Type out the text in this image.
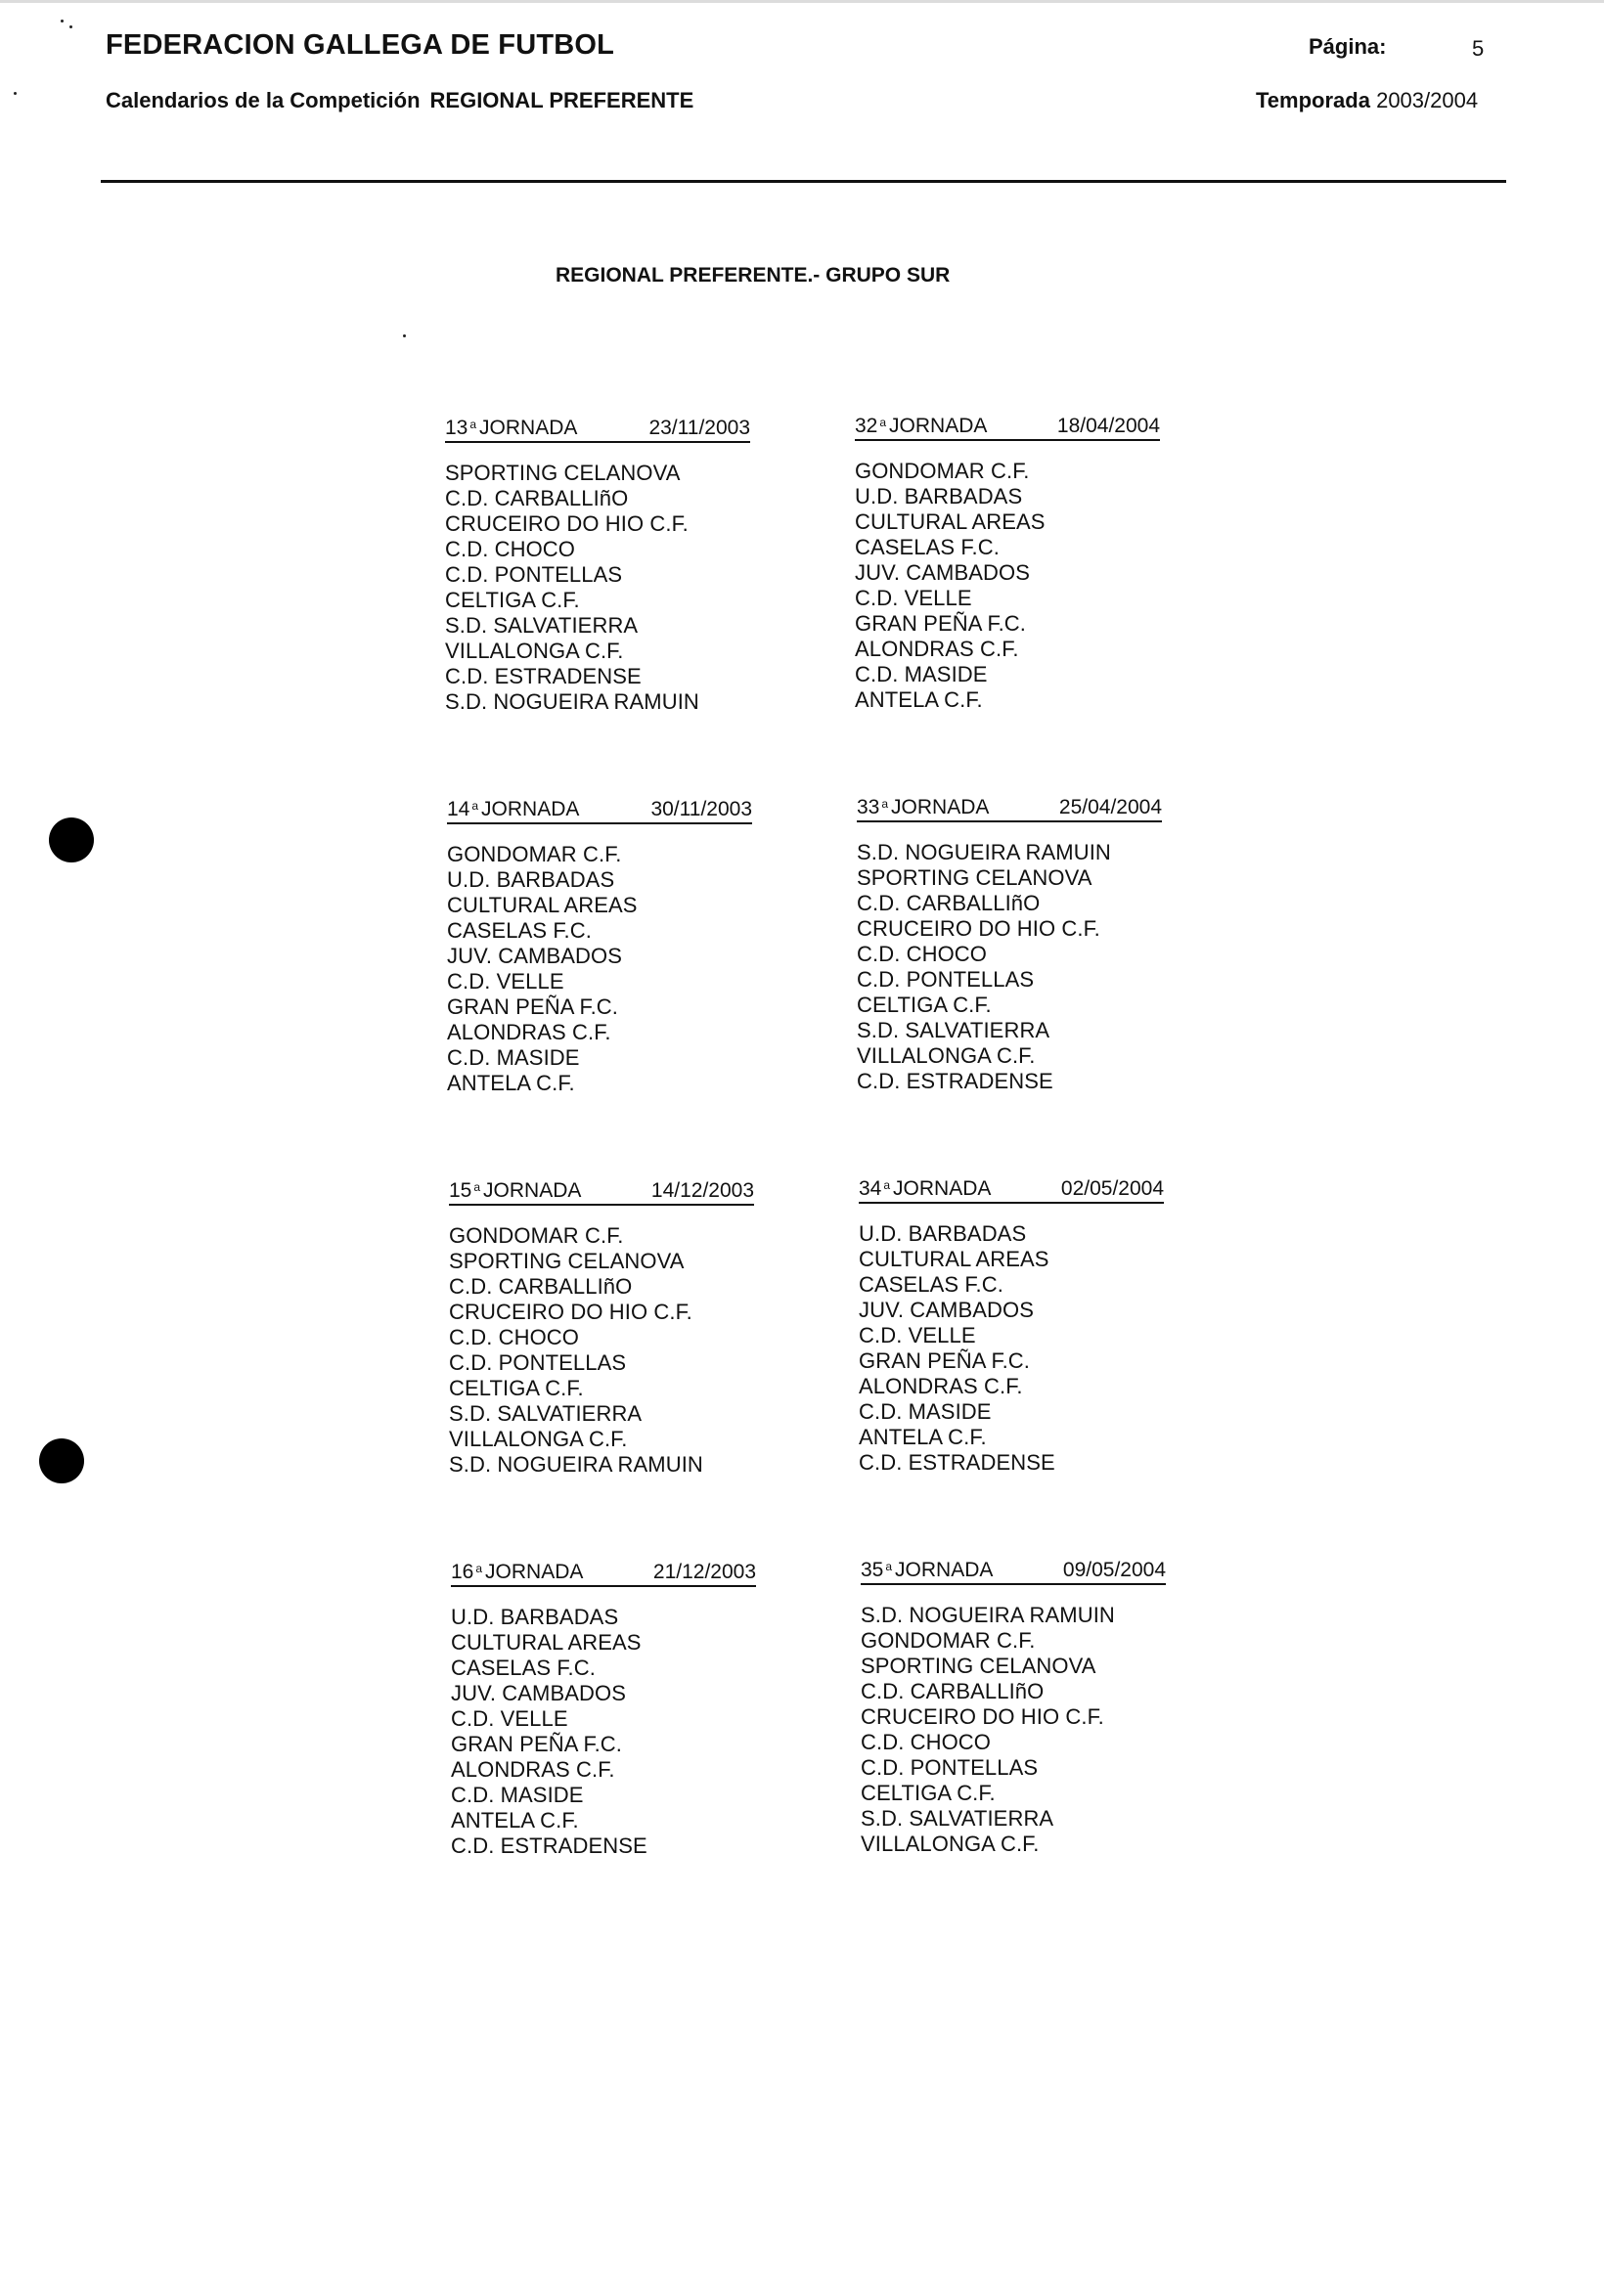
FEDERACION GALLEGA DE FUTBOL
Calendarios de la Competición REGIONAL PREFERENTE
Página:	5
Temporada 2003/2004
REGIONAL PREFERENTE.- GRUPO SUR
13 $^a$ JORNADA	23/11/2003
SPORTING CELANOVA
C.D. CARBALLIñO
CRUCEIRO DO HIO C.F.
C.D. CHOCO
C.D. PONTELLAS
CELTIGA C.F.
S.D. SALVATIERRA
VILLALONGA C.F.
C.D. ESTRADENSE
S.D. NOGUEIRA RAMUIN
32 $^a$ JORNADA	18/04/2004
GONDOMAR C.F.
U.D. BARBADAS
CULTURAL AREAS
CASELAS F.C.
JUV. CAMBADOS
C.D. VELLE
GRAN PEÑA F.C.
ALONDRAS C.F.
C.D. MASIDE
ANTELA C.F.
14 $^a$ JORNADA	30/11/2003
GONDOMAR C.F.
U.D. BARBADAS
CULTURAL AREAS
CASELAS F.C.
JUV. CAMBADOS
C.D. VELLE
GRAN PEÑA F.C.
ALONDRAS C.F.
C.D. MASIDE
ANTELA C.F.
33 $^a$ JORNADA	25/04/2004
S.D. NOGUEIRA RAMUIN
SPORTING CELANOVA
C.D. CARBALLIñO
CRUCEIRO DO HIO C.F.
C.D. CHOCO
C.D. PONTELLAS
CELTIGA C.F.
S.D. SALVATIERRA
VILLALONGA C.F.
C.D. ESTRADENSE
15 $^a$ JORNADA	14/12/2003
GONDOMAR C.F.
SPORTING CELANOVA
C.D. CARBALLIñO
CRUCEIRO DO HIO C.F.
C.D. CHOCO
C.D. PONTELLAS
CELTIGA C.F.
S.D. SALVATIERRA
VILLALONGA C.F.
S.D. NOGUEIRA RAMUIN
34 $^a$ JORNADA	02/05/2004
U.D. BARBADAS
CULTURAL AREAS
CASELAS F.C.
JUV. CAMBADOS
C.D. VELLE
GRAN PEÑA F.C.
ALONDRAS C.F.
C.D. MASIDE
ANTELA C.F.
C.D. ESTRADENSE
16 $^a$ JORNADA	21/12/2003
U.D. BARBADAS
CULTURAL AREAS
CASELAS F.C.
JUV. CAMBADOS
C.D. VELLE
GRAN PEÑA F.C.
ALONDRAS C.F.
C.D. MASIDE
ANTELA C.F.
C.D. ESTRADENSE
35 $^a$ JORNADA	09/05/2004
S.D. NOGUEIRA RAMUIN
GONDOMAR C.F.
SPORTING CELANOVA
C.D. CARBALLIñO
CRUCEIRO DO HIO C.F.
C.D. CHOCO
C.D. PONTELLAS
CELTIGA C.F.
S.D. SALVATIERRA
VILLALONGA C.F.
